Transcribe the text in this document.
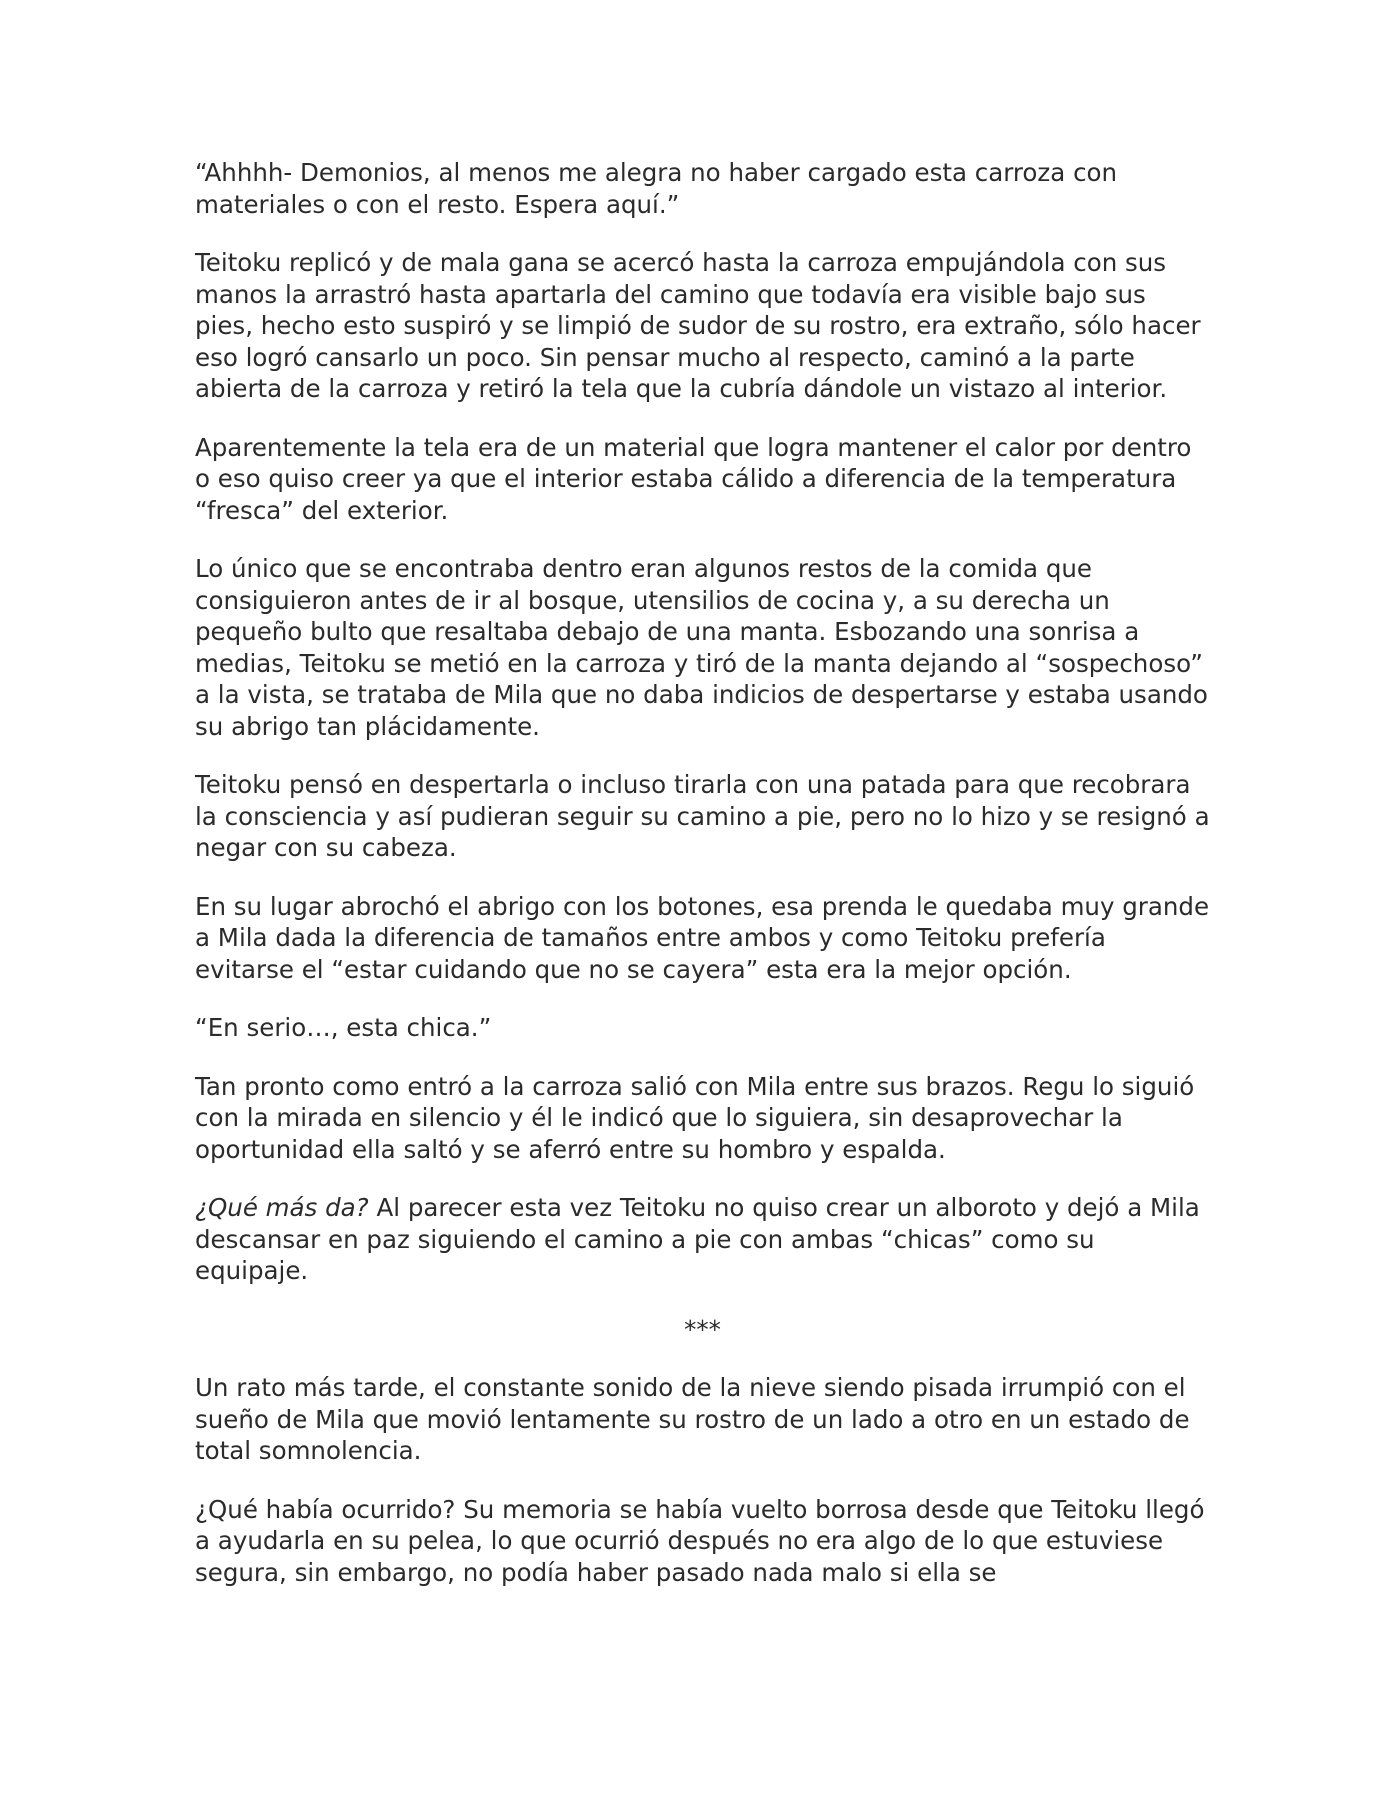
“Ahhhh- Demonios, al menos me alegra no haber cargado esta carroza con materiales o con el resto. Espera aquí.”

Teitoku replicó y de mala gana se acercó hasta la carroza empujándola con sus manos la arrastró hasta apartarla del camino que todavía era visible bajo sus pies, hecho esto suspiró y se limpió de sudor de su rostro, era extraño, sólo hacer eso logró cansarlo un poco. Sin pensar mucho al respecto, caminó a la parte abierta de la carroza y retiró la tela que la cubría dándole un vistazo al interior.

Aparentemente la tela era de un material que logra mantener el calor por dentro o eso quiso creer ya que el interior estaba cálido a diferencia de la temperatura “fresca” del exterior.

Lo único que se encontraba dentro eran algunos restos de la comida que consiguieron antes de ir al bosque, utensilios de cocina y, a su derecha un pequeño bulto que resaltaba debajo de una manta. Esbozando una sonrisa a medias, Teitoku se metió en la carroza y tiró de la manta dejando al “sospechoso” a la vista, se trataba de Mila que no daba indicios de despertarse y estaba usando su abrigo tan plácidamente.

Teitoku pensó en despertarla o incluso tirarla con una patada para que recobrara la consciencia y así pudieran seguir su camino a pie, pero no lo hizo y se resignó a negar con su cabeza.

En su lugar abrochó el abrigo con los botones, esa prenda le quedaba muy grande a Mila dada la diferencia de tamaños entre ambos y como Teitoku prefería evitarse el “estar cuidando que no se cayera” esta era la mejor opción.

“En serio…, esta chica.”

Tan pronto como entró a la carroza salió con Mila entre sus brazos. Regu lo siguió con la mirada en silencio y él le indicó que lo siguiera, sin desaprovechar la oportunidad ella saltó y se aferró entre su hombro y espalda.

¿Qué más da? Al parecer esta vez Teitoku no quiso crear un alboroto y dejó a Mila descansar en paz siguiendo el camino a pie con ambas “chicas” como su equipaje.

***

Un rato más tarde, el constante sonido de la nieve siendo pisada irrumpió con el sueño de Mila que movió lentamente su rostro de un lado a otro en un estado de total somnolencia.

¿Qué había ocurrido? Su memoria se había vuelto borrosa desde que Teitoku llegó a ayudarla en su pelea, lo que ocurrió después no era algo de lo que estuviese segura, sin embargo, no podía haber pasado nada malo si ella se
